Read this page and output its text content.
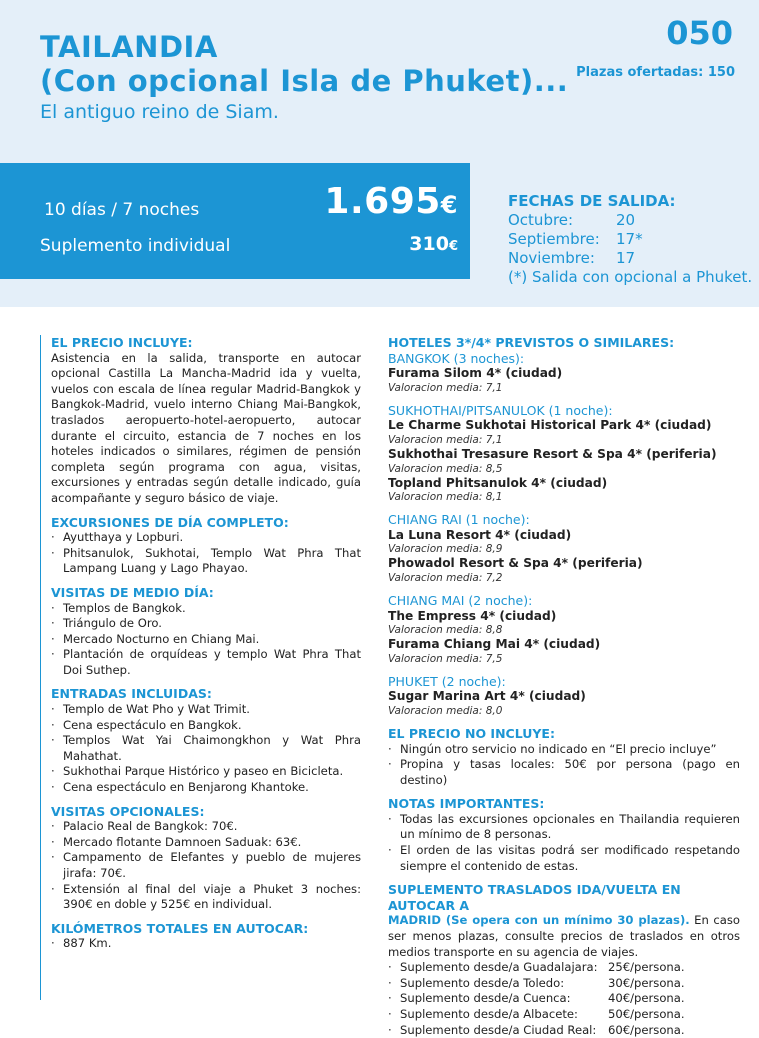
TAILANDIA
(Con opcional Isla de Phuket)...
El antiguo reino de Siam.
050
Plazas ofertadas: 150
10 días / 7 noches	1.695€
Suplemento individual	310€
FECHAS DE SALIDA:
Octubre:	20
Septiembre:	17*
Noviembre:	17
(*) Salida con opcional a Phuket.
EL PRECIO INCLUYE:

Asistencia en la salida, transporte en autocar opcional Castilla La Mancha-Madrid ida y vuelta, vuelos con escala de línea regular Madrid-Bangkok y Bangkok-Madrid, vuelo interno Chiang Mai-Bangkok, traslados aeropuerto-hotel-aeropuerto, autocar durante el circuito, estancia de 7 noches en los hoteles indicados o similares, régimen de pensión completa según programa con agua, visitas, excursiones y entradas según detalle indicado, guía acompañante y seguro básico de viaje.

EXCURSIONES DE DÍA COMPLETO:
· Ayutthaya y Lopburi.
· Phitsanulok, Sukhotai, Templo Wat Phra That Lampang Luang y Lago Phayao.
VISITAS DE MEDIO DÍA:
· Templos de Bangkok.
· Triángulo de Oro.
· Mercado Nocturno en Chiang Mai.
· Plantación de orquídeas y templo Wat Phra That Doi Suthep.
ENTRADAS INCLUIDAS:
· Templo de Wat Pho y Wat Trimit.
· Cena espectáculo en Bangkok.
· Templos Wat Yai Chaimongkhon y Wat Phra Mahathat.
· Sukhothai Parque Histórico y paseo en Bicicleta.
· Cena espectáculo en Benjarong Khantoke.
VISITAS OPCIONALES:
· Palacio Real de Bangkok: 70€.
· Mercado flotante Damnoen Saduak: 63€.
· Campamento de Elefantes y pueblo de mujeres jirafa: 70€.
· Extensión al final del viaje a Phuket 3 noches: 390€ en doble y 525€ en individual.
KILÓMETROS TOTALES EN AUTOCAR:
· 887 Km.
HOTELES 3*/4* PREVISTOS O SIMILARES:
BANGKOK (3 noches):
Furama Silom 4* (ciudad)
Valoracion media: 7,1
SUKHOTHAI/PITSANULOK (1 noche):
Le Charme Sukhotai Historical Park 4* (ciudad)
Valoracion media: 7,1
Sukhothai Tresasure Resort & Spa 4* (periferia)
Valoracion media: 8,5
Topland Phitsanulok 4* (ciudad)
Valoracion media: 8,1
CHIANG RAI (1 noche):
La Luna Resort 4* (ciudad)
Valoracion media: 8,9
Phowadol Resort & Spa 4* (periferia)
Valoracion media: 7,2
CHIANG MAI (2 noche):
The Empress 4* (ciudad)
Valoracion media: 8,8
Furama Chiang Mai 4* (ciudad)
Valoracion media: 7,5
PHUKET (2 noche):
Sugar Marina Art 4* (ciudad)
Valoracion media: 8,0
EL PRECIO NO INCLUYE:
· Ningún otro servicio no indicado en “El precio incluye”
· Propina y tasas locales: 50€ por persona (pago en destino)
NOTAS IMPORTANTES:
· Todas las excursiones opcionales en Thailandia requieren un mínimo de 8 personas.
· El orden de las visitas podrá ser modificado respetando siempre el contenido de estas.
SUPLEMENTO TRASLADOS IDA/VUELTA EN AUTOCAR A

MADRID (Se opera con un mínimo 30 plazas). En caso ser menos plazas, consulte precios de traslados en otros medios transporte en su agencia de viajes.

· Suplemento desde/a Guadalajara: 25€/persona.
· Suplemento desde/a Toledo:	30€/persona.
· Suplemento desde/a Cuenca:	40€/persona.
· Suplemento desde/a Albacete:	50€/persona.
· Suplemento desde/a Ciudad Real:	60€/persona.
